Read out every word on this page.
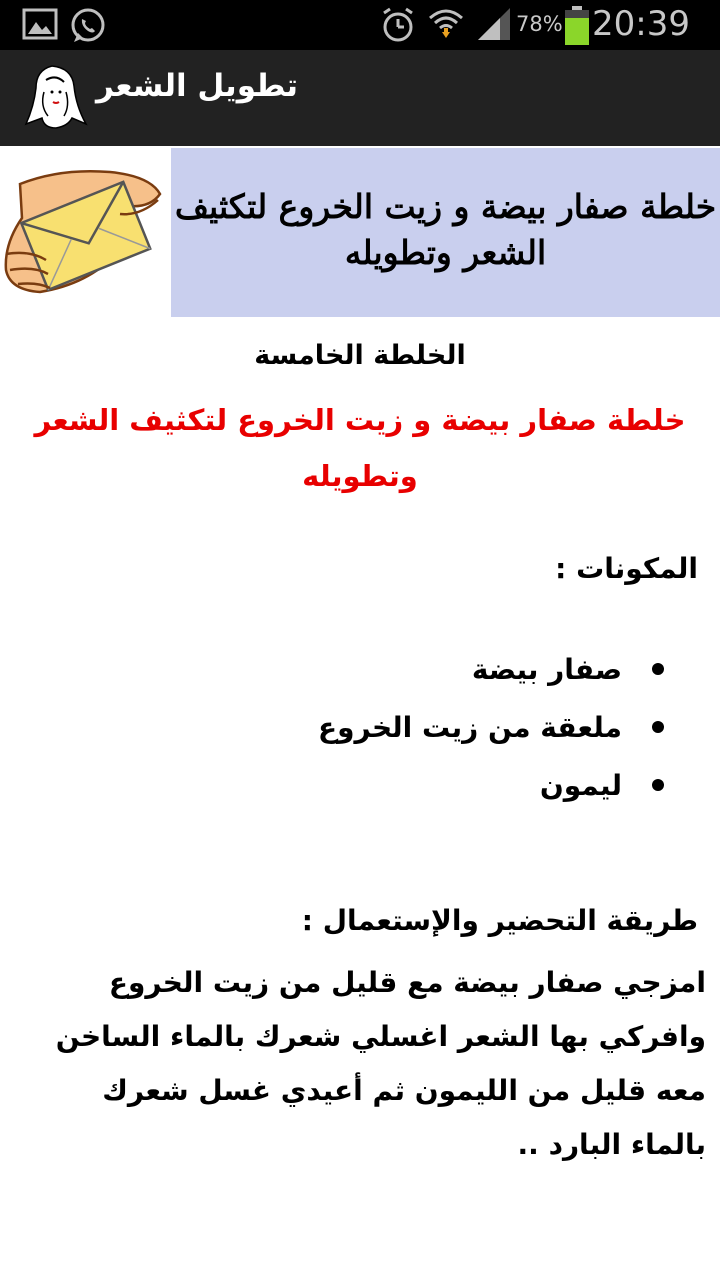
78% 20:39
تطويل الشعر
خلطة صفار بيضة و زيت الخروع لتكثيف الشعر وتطويله
الخلطة الخامسة
خلطة صفار بيضة و زيت الخروع لتكثيف الشعر وتطويله
المكونات :
صفار بيضة
ملعقة من زيت الخروع
ليمون
طريقة التحضير والإستعمال :
امزجي صفار بيضة مع قليل من زيت الخروع وافركي بها الشعر اغسلي شعرك بالماء الساخن معه قليل من الليمون ثم أعيدي غسل شعرك بالماء البارد ..
